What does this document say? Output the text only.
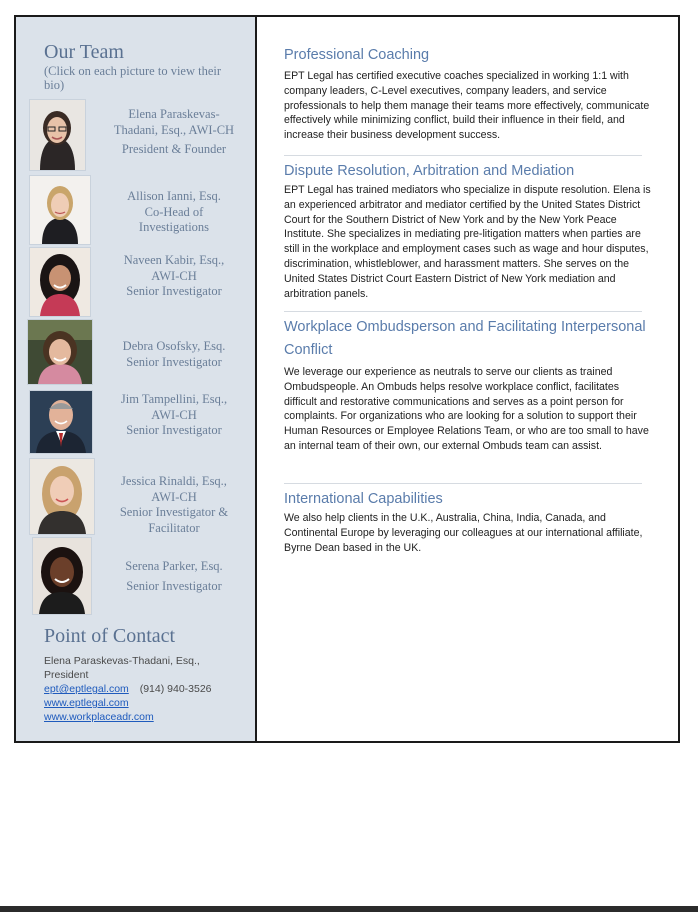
Our Team
(Click on each picture to view their bio)
Elena Paraskevas-
Thadani, Esq., AWI-CH
President & Founder
Allison Ianni, Esq.
Co-Head of
Investigations
Naveen Kabir, Esq.,
AWI-CH
Senior Investigator
Debra Osofsky, Esq.
Senior Investigator
Jim Tampellini, Esq.,
AWI-CH
Senior Investigator
Jessica Rinaldi, Esq.,
AWI-CH
Senior Investigator &
Facilitator
Serena Parker, Esq.
Senior Investigator
Point of Contact
Elena Paraskevas-Thadani, Esq.,
President
ept@eptlegal.com (914) 940-3526
www.eptlegal.com
www.workplaceadr.com
Professional Coaching

EPT Legal has certified executive coaches specialized in working 1:1 with company leaders, C-Level executives, company leaders, and service professionals to help them manage their teams more effectively, communicate effectively while minimizing conflict, build their influence in their field, and increase their business development success.

Dispute Resolution, Arbitration and Mediation

EPT Legal has trained mediators who specialize in dispute resolution. Elena is an experienced arbitrator and mediator certified by the United States District Court for the Southern District of New York and by the New York Peace Institute. She specializes in mediating pre-litigation matters when parties are still in the workplace and employment cases such as wage and hour disputes, discrimination, whistleblower, and harassment matters. She serves on the United States District Court Eastern District of New York mediation and arbitration panels.

Workplace Ombudsperson and Facilitating Interpersonal Conflict

We leverage our experience as neutrals to serve our clients as trained Ombudspeople. An Ombuds helps resolve workplace conflict, facilitates difficult and restorative communications and serves as a point person for complaints. For organizations who are looking for a solution to support their Human Resources or Employee Relations Team, or who are too small to have an internal team of their own, our external Ombuds team can assist.

International Capabilities

We also help clients in the U.K., Australia, China, India, Canada, and Continental Europe by leveraging our colleagues at our international affiliate, Byrne Dean based in the UK.
